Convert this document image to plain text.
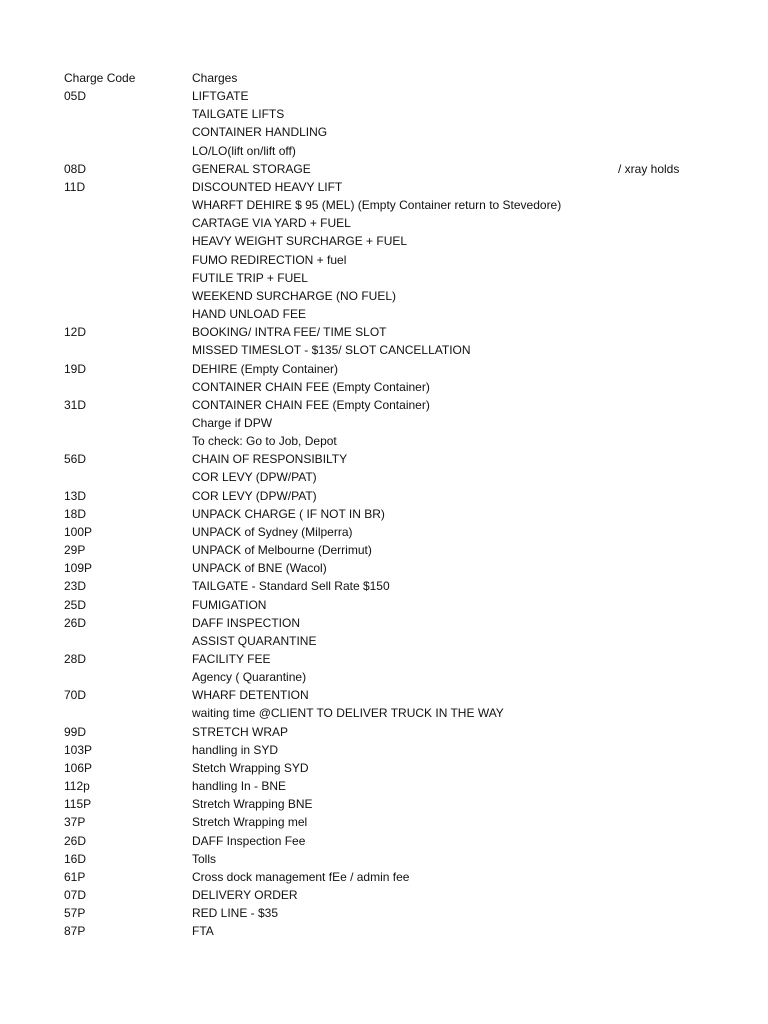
Charge Code	Charges
05D	LIFTGATE
TAILGATE LIFTS
CONTAINER HANDLING
LO/LO(lift on/lift off)
08D	GENERAL STORAGE	/ xray holds
11D	DISCOUNTED HEAVY LIFT
WHARFT DEHIRE $ 95 (MEL) (Empty Container return to Stevedore)
CARTAGE VIA YARD + FUEL
HEAVY WEIGHT SURCHARGE + FUEL
FUMO REDIRECTION + fuel
FUTILE TRIP + FUEL
WEEKEND SURCHARGE (NO FUEL)
HAND UNLOAD FEE
12D	BOOKING/ INTRA FEE/ TIME SLOT
MISSED TIMESLOT - $135/ SLOT CANCELLATION
19D	DEHIRE (Empty Container)
CONTAINER CHAIN FEE (Empty Container)
31D	CONTAINER CHAIN FEE (Empty Container)
Charge if DPW
To check: Go to Job, Depot
56D	CHAIN OF RESPONSIBILTY
COR LEVY (DPW/PAT)
13D	COR LEVY (DPW/PAT)
18D	UNPACK CHARGE ( IF NOT IN BR)
100P	UNPACK of Sydney (Milperra)
29P	UNPACK of Melbourne (Derrimut)
109P	UNPACK of BNE (Wacol)
23D	TAILGATE - Standard Sell Rate $150
25D	FUMIGATION
26D	DAFF INSPECTION
ASSIST QUARANTINE
28D	FACILITY FEE
Agency ( Quarantine)
70D	WHARF DETENTION
waiting time @CLIENT TO DELIVER TRUCK IN THE WAY
99D	STRETCH WRAP
103P	handling in SYD
106P	Stetch Wrapping SYD
112p	handling In - BNE
115P	Stretch Wrapping BNE
37P	Stretch Wrapping mel
26D	DAFF Inspection Fee
16D	Tolls
61P	Cross dock management fEe / admin fee
07D	DELIVERY ORDER
57P	RED LINE - $35
87P	FTA
